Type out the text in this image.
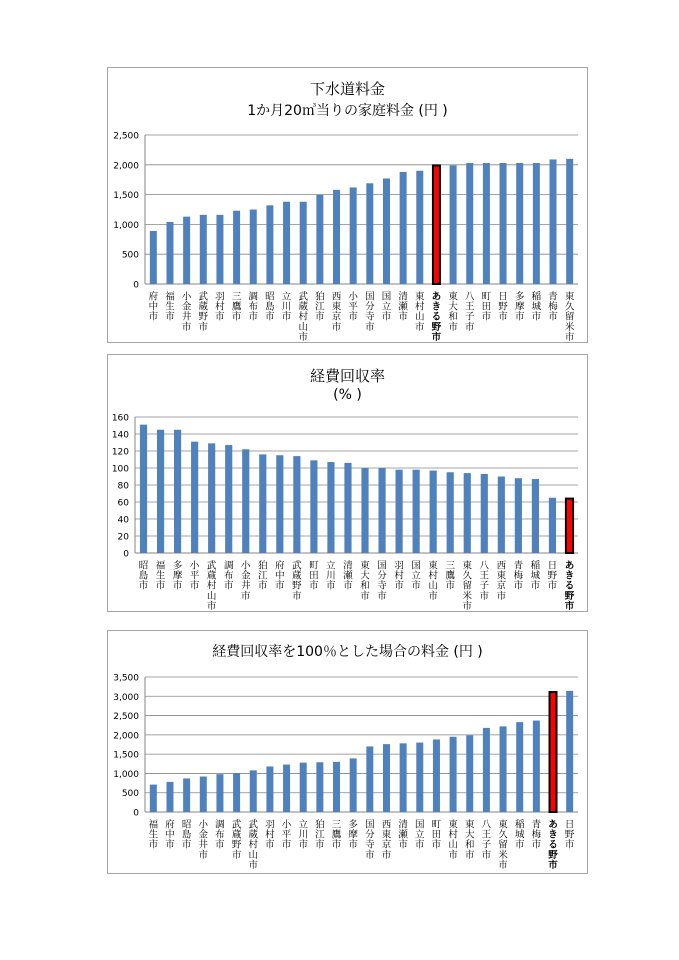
下水道料金
1か月20㎥当りの家庭料金 (円 )
0
500
1,000
1,500
2,000
2,500
府
中
市
福
生
市
小
金
井
市
武
蔵
野
市
羽
村
市
三
鷹
市
調
布
市
昭
島
市
立
川
市
武
蔵
村
山
市
狛
江
市
西
東
京
市
小
平
市
国
分
寺
市
国
立
市
清
瀬
市
東
村
山
市
あ
き
る
野
市
東
大
和
市
八
王
子
市
町
田
市
日
野
市
多
摩
市
稲
城
市
青
梅
市
東
久
留
米
市
経費回収率
(% )
0
20
40
60
80
100
120
140
160
昭
島
市
福
生
市
多
摩
市
小
平
市
武
蔵
村
山
市
調
布
市
小
金
井
市
狛
江
市
府
中
市
武
蔵
野
市
町
田
市
立
川
市
清
瀬
市
東
大
和
市
国
分
寺
市
羽
村
市
国
立
市
東
村
山
市
三
鷹
市
東
久
留
米
市
八
王
子
市
西
東
京
市
青
梅
市
稲
城
市
日
野
市
あ
き
る
野
市
経費回収率を100％とした場合の料金 (円 )
0
500
1,000
1,500
2,000
2,500
3,000
3,500
福
生
市
府
中
市
昭
島
市
小
金
井
市
調
布
市
武
蔵
野
市
武
蔵
村
山
市
羽
村
市
小
平
市
立
川
市
狛
江
市
三
鷹
市
多
摩
市
国
分
寺
市
西
東
京
市
清
瀬
市
国
立
市
町
田
市
東
村
山
市
東
大
和
市
八
王
子
市
東
久
留
米
市
稲
城
市
青
梅
市
あ
き
る
野
市
日
野
市
